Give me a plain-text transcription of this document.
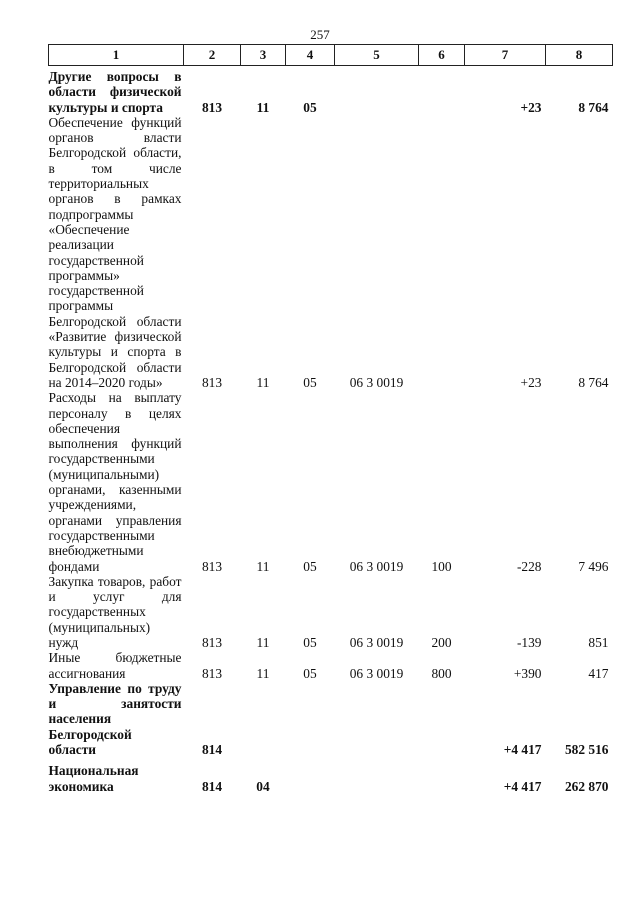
257
1	2	3	4	5	6	7	8
Другие вопросы в области физической культуры и спорта	813	11	05			+23	8 764
Обеспечение функций органов власти Белгородской области, в том числе территориальных органов в рамках подпрограммы «Обеспечение реализации государственной программы» государственной программы Белгородской области «Развитие физической культуры и спорта в Белгородской области на 2014–2020 годы»	813	11	05	06 3 0019		+23	8 764
Расходы на выплату персоналу в целях обеспечения выполнения функций государственными (муниципальными) органами, казенными учреждениями, органами управления государственными внебюджетными фондами	813	11	05	06 3 0019	100	-228	7 496
Закупка товаров, работ и услуг для государственных (муниципальных) нужд	813	11	05	06 3 0019	200	-139	851
Иные бюджетные ассигнования	813	11	05	06 3 0019	800	+390	417
Управление по труду и занятости населения Белгородской области	814					+4 417	582 516
Национальная экономика	814	04				+4 417	262 870
